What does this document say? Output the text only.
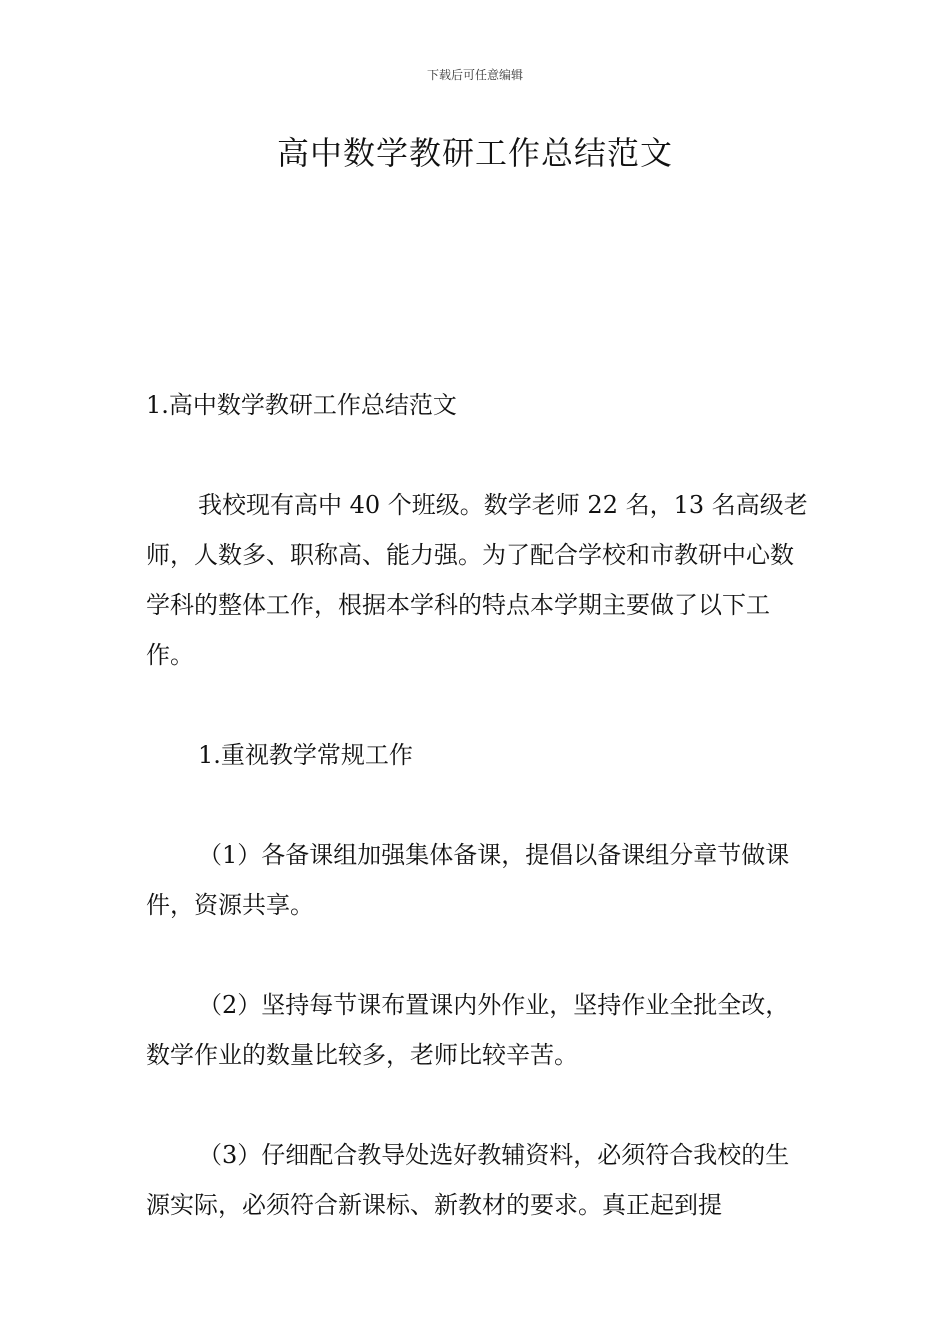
下载后可任意编辑
高中数学教研工作总结范文

1.高中数学教研工作总结范文

我校现有高中 40 个班级。数学老师 22 名，13 名高级老师，人数多、职称高、能力强。为了配合学校和市教研中心数学科的整体工作，根据本学科的特点本学期主要做了以下工作。

1.重视教学常规工作

（1）各备课组加强集体备课，提倡以备课组分章节做课件，资源共享。

（2）坚持每节课布置课内外作业，坚持作业全批全改，数学作业的数量比较多，老师比较辛苦。

（3）仔细配合教导处选好教辅资料，必须符合我校的生源实际，必须符合新课标、新教材的要求。真正起到提
